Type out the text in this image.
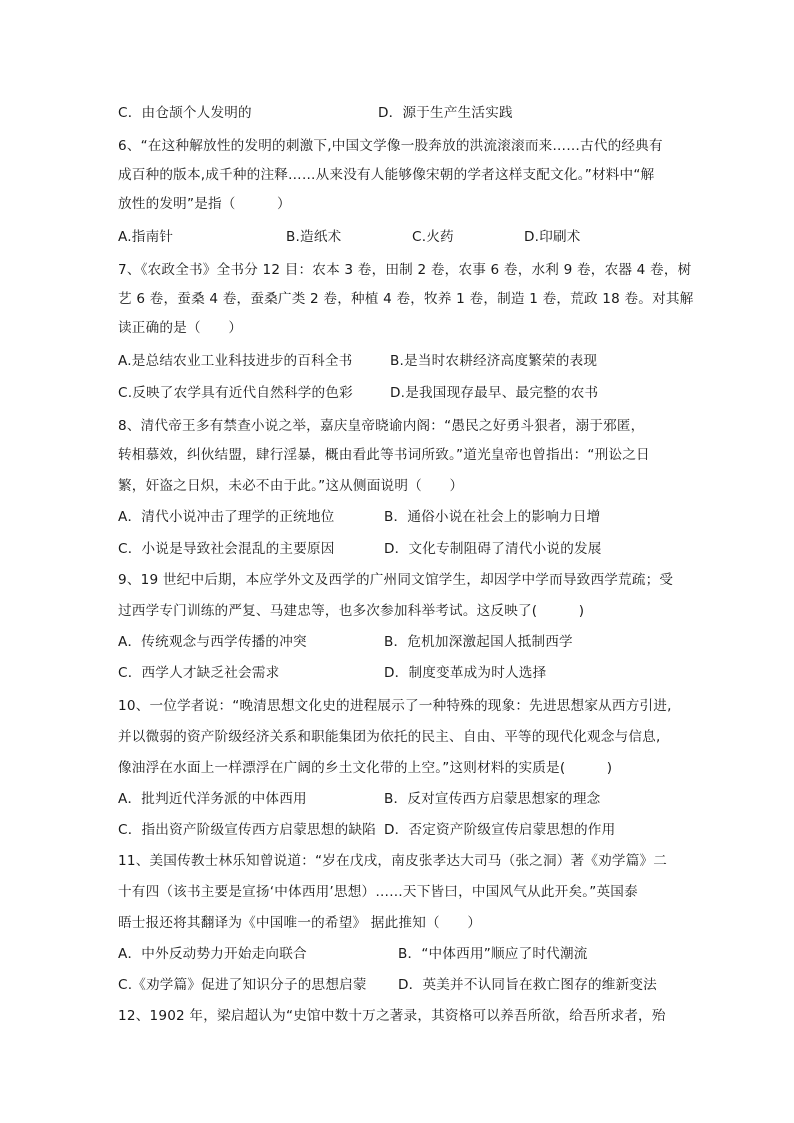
C．由仓颉个人发明的	D．源于生产生活实践
6、“在这种解放性的发明的刺激下,中国文学像一股奔放的洪流滚滚而来……古代的经典有
成百种的版本,成千种的注释……从来没有人能够像宋朝的学者这样支配文化。”材料中“解
放性的发明”是指（　　　）
A.指南针	B.造纸术	C.火药	D.印刷术
7、《农政全书》全书分 12 目：农本 3 卷，田制 2 卷，农事 6 卷，水利 9 卷，农器 4 卷，树
艺 6 卷，蚕桑 4 卷，蚕桑广类 2 卷，种植 4 卷，牧养 1 卷，制造 1 卷，荒政 18 卷。对其解
读正确的是（　　）
A.是总结农业工业科技进步的百科全书	B.是当时农耕经济高度繁荣的表现
C.反映了农学具有近代自然科学的色彩	D.是我国现存最早、最完整的农书
8、清代帝王多有禁查小说之举，嘉庆皇帝晓谕内阁：“愚民之好勇斗狠者，溺于邪匿，
转相慕效，纠伙结盟，肆行淫暴，概由看此等书词所致。”道光皇帝也曾指出：“刑讼之日
繁，奸盗之日炽，未必不由于此。”这从侧面说明（　　）
A．清代小说冲击了理学的正统地位	B．通俗小说在社会上的影响力日增
C．小说是导致社会混乱的主要原因	D．文化专制阻碍了清代小说的发展
9、19 世纪中后期，本应学外文及西学的广州同文馆学生，却因学中学而导致西学荒疏；受
过西学专门训练的严复、马建忠等，也多次参加科举考试。这反映了(　　　)
A．传统观念与西学传播的冲突	B．危机加深激起国人抵制西学
C．西学人才缺乏社会需求	D．制度变革成为时人选择
10、一位学者说：“晚清思想文化史的进程展示了一种特殊的现象：先进思想家从西方引进,
并以微弱的资产阶级经济关系和职能集团为依托的民主、自由、平等的现代化观念与信息,
像油浮在水面上一样漂浮在广阔的乡土文化带的上空。”这则材料的实质是(　　　)
A．批判近代洋务派的中体西用	B．反对宣传西方启蒙思想家的理念
C．指出资产阶级宣传西方启蒙思想的缺陷 D．否定资产阶级宣传启蒙思想的作用
11、美国传教士林乐知曾说道：“岁在戊戌，南皮张孝达大司马（张之洞）著《劝学篇》二
十有四（该书主要是宣扬‘中体西用’思想）……天下皆曰，中国风气从此开矣。”英国泰
晤士报还将其翻译为《中国唯一的希望》 据此推知（　　）
A．中外反动势力开始走向联合	B．“中体西用”顺应了时代潮流
C.《劝学篇》促进了知识分子的思想启蒙 D．英美并不认同旨在救亡图存的维新变法
12、1902 年，梁启超认为“史馆中数十万之著录，其资格可以养吾所欲，给吾所求者，殆
